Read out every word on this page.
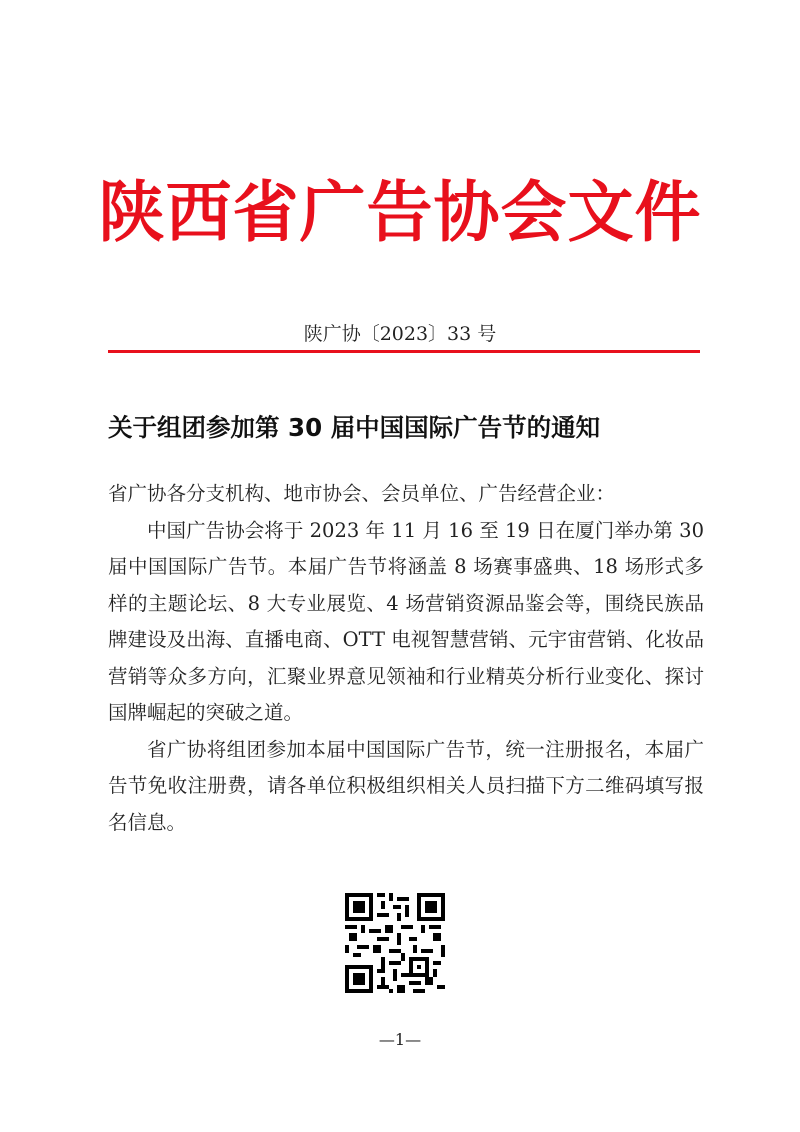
陕西省广告协会文件
陕广协〔2023〕33 号
关于组团参加第 30 届中国国际广告节的通知

省广协各分支机构、地市协会、会员单位、广告经营企业：

中国广告协会将于 2023 年 11 月 16 至 19 日在厦门举办第 30 届中国国际广告节。本届广告节将涵盖 8 场赛事盛典、18 场形式多样的主题论坛、8 大专业展览、4 场营销资源品鉴会等，围绕民族品牌建设及出海、直播电商、OTT 电视智慧营销、元宇宙营销、化妆品营销等众多方向，汇聚业界意见领袖和行业精英分析行业变化、探讨国牌崛起的突破之道。

省广协将组团参加本届中国国际广告节，统一注册报名，本届广告节免收注册费，请各单位积极组织相关人员扫描下方二维码填写报名信息。

—1—
